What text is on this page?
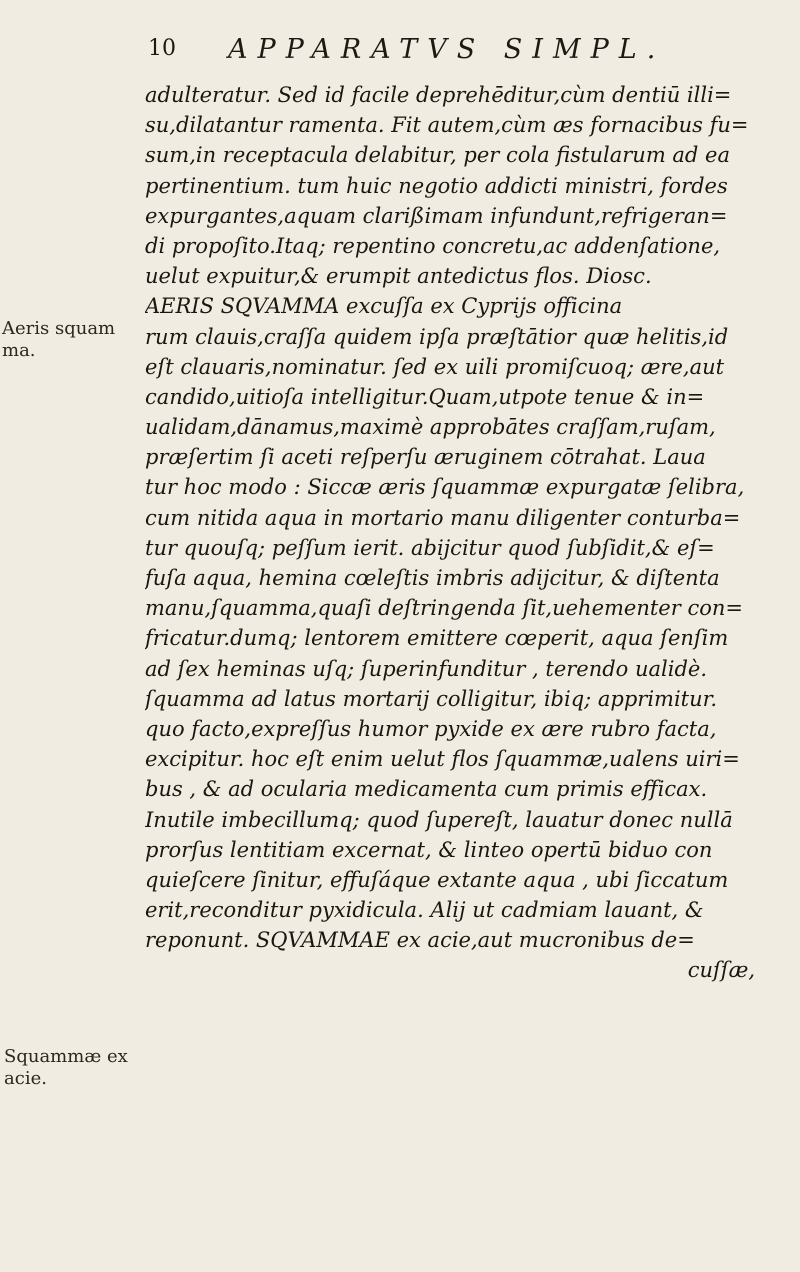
10 APPARATVS SIMPL.
Aeris squam
ma.
Squammæ ex
acie.
adulteratur. Sed id facile deprehēditur,cùm dentiū illi=
su,dilatantur ramenta. Fit autem,cùm æs fornacibus fu=
sum,in receptacula delabitur, per cola fistularum ad ea
pertinentium. tum huic negotio addicti ministri, fordes
expurgantes,aquam clarißimam infundunt,refrigeran=
di propoſito.Itaq; repentino concretu,ac addenſatione,
uelut expuitur,& erumpit antedictus flos. Diosc.
AERIS SQVAMMA excuſſa ex Cyprijs officina
rum clauis,craſſa quidem ipſa præſtātior quæ helitis,id
eſt clauaris,nominatur. ſed ex uili promiſcuoq; ære,aut
candido,uitioſa intelligitur.Quam,utpote tenue & in=
ualidam,dānamus,maximè approbātes craſſam,ruſam,
præſertim ſi aceti reſperſu æruginem cōtrahat. Laua
tur hoc modo : Siccæ æris ſquammæ expurgatæ ſelibra,
cum nitida aqua in mortario manu diligenter conturba=
tur quouſq; peſſum ierit. abijcitur quod ſubſidit,& eſ=
fuſa aqua, hemina cœleſtis imbris adijcitur, & diſtenta
manu,ſquamma,quaſi deſtringenda ſit,uehementer con=
fricatur.dumq; lentorem emittere cœperit, aqua ſenſim
ad ſex heminas uſq; ſuperinfunditur , terendo ualidè.
ſquamma ad latus mortarij colligitur, ibiq; apprimitur.
quo facto,expreſſus humor pyxide ex ære rubro facta,
excipitur. hoc eſt enim uelut flos ſquammæ,ualens uiri=
bus , & ad ocularia medicamenta cum primis efficax.
Inutile imbecillumq; quod ſupereſt, lauatur donec nullā
prorſus lentitiam excernat, & linteo opertū biduo con
quieſcere ſinitur, effuſáque extante aqua , ubi ſiccatum
erit,reconditur pyxidicula. Alij ut cadmiam lauant, &
reponunt. SQVAMMAE ex acie,aut mucronibus de=
cuſſæ,
